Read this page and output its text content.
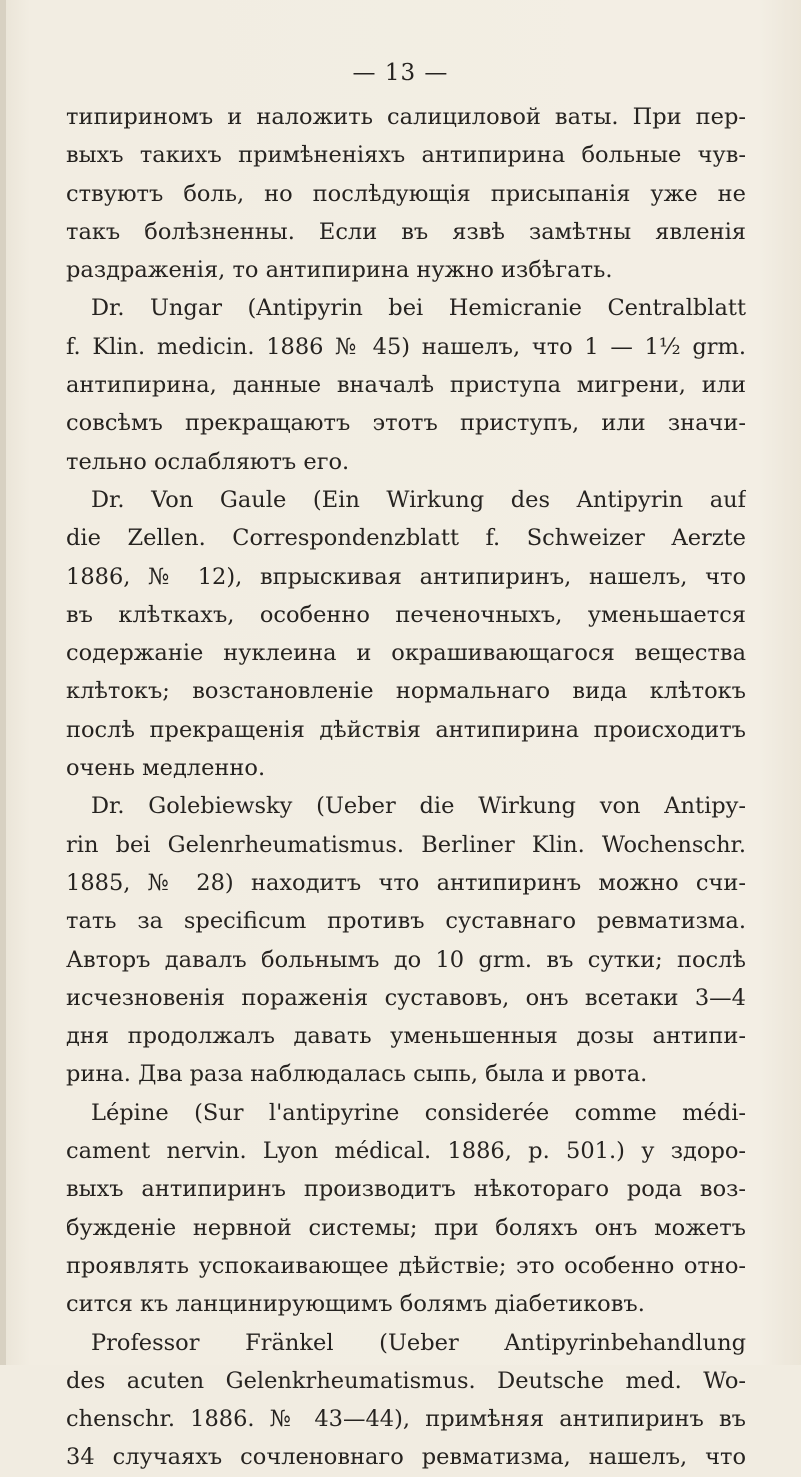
— 13 —
типириномъ и наложить салициловой ваты. При пер-
выхъ такихъ примѣненіяхъ антипирина больные чув-
ствуютъ боль, но послѣдующія присыпанія уже не
такъ болѣзненны. Если въ язвѣ замѣтны явленія
раздраженія, то антипирина нужно избѣгать.
Dr. Ungar (Antipyrin bei Hemicranie Centralblatt
f. Klin. medicin. 1886 № 45) нашелъ, что 1 — 1½ grm.
антипирина, данные вначалѣ приступа мигрени, или
совсѣмъ прекращаютъ этотъ приступъ, или значи-
тельно ослабляютъ его.
Dr. Von Gaule (Ein Wirkung des Antipyrin auf
die Zellen. Correspondenzblatt f. Schweizer Aerzte
1886, № 12), впрыскивая антипиринъ, нашелъ, что
въ клѣткахъ, особенно печеночныхъ, уменьшается
содержаніе нуклеина и окрашивающагося вещества
клѣтокъ; возстановленіе нормальнаго вида клѣтокъ
послѣ прекращенія дѣйствія антипирина происходитъ
очень медленно.
Dr. Golebiewsky (Ueber die Wirkung von Antipy-
rin bei Gelenrheumatismus. Berliner Klin. Wochenschr.
1885, № 28) находитъ что антипиринъ можно счи-
тать за specificum противъ суставнаго ревматизма.
Авторъ давалъ больнымъ до 10 grm. въ сутки; послѣ
исчезновенія пораженія суставовъ, онъ всетаки 3—4
дня продолжалъ давать уменьшенныя дозы антипи-
рина. Два раза наблюдалась сыпь, была и рвота.
Lépine (Sur l'antipyrine considerée comme médi-
cament nervin. Lyon médical. 1886, p. 501.) у здоро-
выхъ антипиринъ производитъ нѣкотораго рода воз-
бужденіе нервной системы; при боляхъ онъ можетъ
проявлять успокаивающее дѣйствіе; это особенно отно-
сится къ ланцинирующимъ болямъ діабетиковъ.
Professor Fränkel (Ueber Antipyrinbehandlung
des acuten Gelenkrheumatismus. Deutsche med. Wo-
chenschr. 1886. № 43—44), примѣняя антипиринъ въ
34 случаяхъ сочленовнаго ревматизма, нашелъ, что
